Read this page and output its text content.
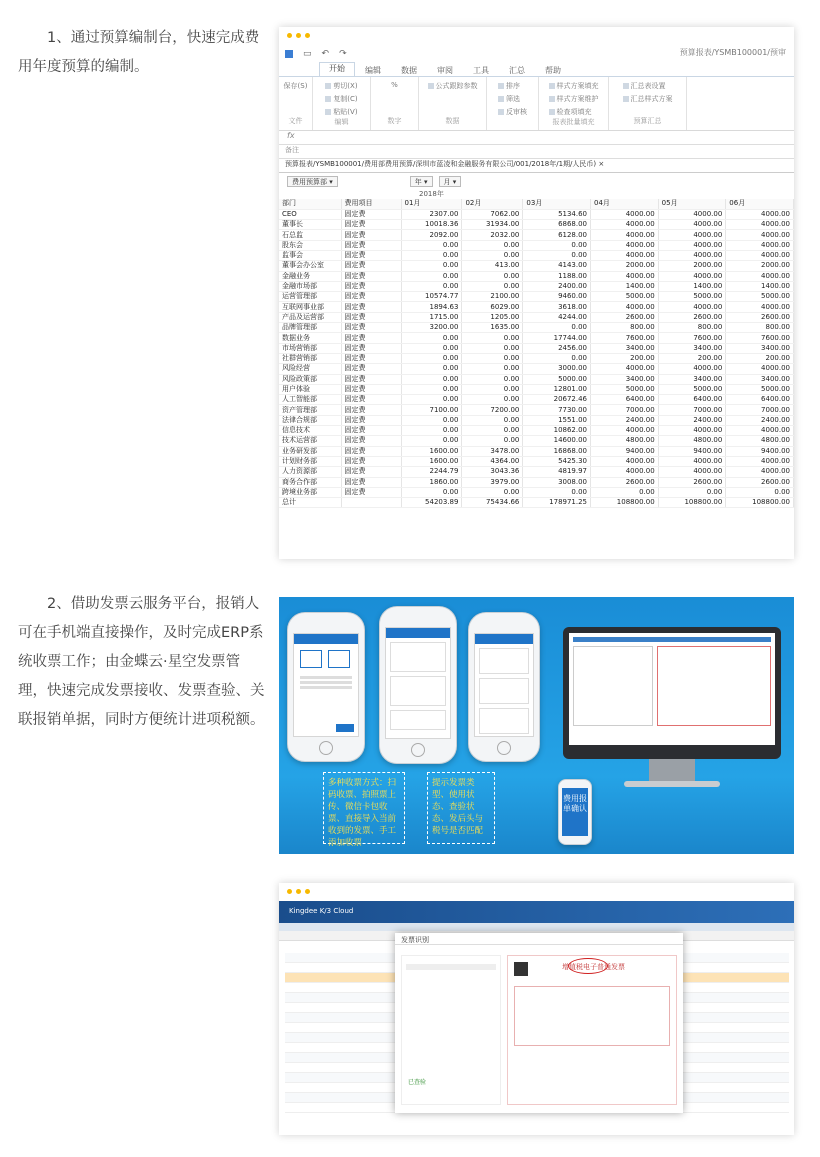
1、通过预算编制台，快速完成费用年度预算的编制。
预算报表/YSMB100001/预审
▭ ↶ ↷
开始	编辑	数据	审阅	工具	汇总	帮助
保存(S)
文件
剪切(X)
复制(C)
粘贴(V)
编辑
%
数字
公式跟踪参数
数据
排序
筛选
反审核
样式方案填充
样式方案维护
检查项填充
报表批量填充
汇总表设置
汇总样式方案
预算汇总
fx
备注
预算报表/YSMB100001/费用部费用预算/深圳市蓝凌和金融服务有限公司/001/2018年/1期/人民币) ×
费用预算部 ▾	年 ▾	月 ▾
2018年
部门	费用项目	01月	02月	03月	04月	05月	06月
CEO	固定费	2307.00	7062.00	5134.60	4000.00	4000.00	4000.00
董事长	固定费	10018.36	31934.00	6868.00	4000.00	4000.00	4000.00
石总监	固定费	2092.00	2032.00	6128.00	4000.00	4000.00	4000.00
股东会	固定费	0.00	0.00	0.00	4000.00	4000.00	4000.00
监事会	固定费	0.00	0.00	0.00	4000.00	4000.00	4000.00
董事会办公室	固定费	0.00	413.00	4143.00	2000.00	2000.00	2000.00
金融业务	固定费	0.00	0.00	1188.00	4000.00	4000.00	4000.00
金融市场部	固定费	0.00	0.00	2400.00	1400.00	1400.00	1400.00
运营管理部	固定费	10574.77	2100.00	9460.00	5000.00	5000.00	5000.00
互联网事业部	固定费	1894.63	6029.00	3618.00	4000.00	4000.00	4000.00
产品及运营部	固定费	1715.00	1205.00	4244.00	2600.00	2600.00	2600.00
品牌管理部	固定费	3200.00	1635.00	0.00	800.00	800.00	800.00
数据业务	固定费	0.00	0.00	17744.00	7600.00	7600.00	7600.00
市场营销部	固定费	0.00	0.00	2456.00	3400.00	3400.00	3400.00
社群营销部	固定费	0.00	0.00	0.00	200.00	200.00	200.00
风险经营	固定费	0.00	0.00	3000.00	4000.00	4000.00	4000.00
风险政策部	固定费	0.00	0.00	5000.00	3400.00	3400.00	3400.00
用户体验	固定费	0.00	0.00	12801.00	5000.00	5000.00	5000.00
人工智能部	固定费	0.00	0.00	20672.46	6400.00	6400.00	6400.00
资产管理部	固定费	7100.00	7200.00	7730.00	7000.00	7000.00	7000.00
法律合规部	固定费	0.00	0.00	1551.00	2400.00	2400.00	2400.00
信息技术	固定费	0.00	0.00	10862.00	4000.00	4000.00	4000.00
技术运营部	固定费	0.00	0.00	14600.00	4800.00	4800.00	4800.00
业务研发部	固定费	1600.00	3478.00	16868.00	9400.00	9400.00	9400.00
计划财务部	固定费	1600.00	4364.00	5425.30	4000.00	4000.00	4000.00
人力资源部	固定费	2244.79	3043.36	4819.97	4000.00	4000.00	4000.00
商务合作部	固定费	1860.00	3979.00	3008.00	2600.00	2600.00	2600.00
跨境业务部	固定费	0.00	0.00	0.00	0.00	0.00	0.00
总计		54203.89	75434.66	178971.25	108800.00	108800.00	108800.00
2、借助发票云服务平台，报销人可在手机端直接操作，及时完成ERP系统收票工作；由金蝶云·星空发票管理，快速完成发票接收、发票查验、关联报销单据，同时方便统计进项税额。
多种收票方式：扫码收票、拍照票上传、微信卡包收票、直接导入当前收到的发票、手工添加收票
提示发票类型、使用状态、查验状态、发后头与税号是否匹配
费用报单确认
Kingdee K/3 Cloud
发票识别
已查验
增值税电子普通发票
